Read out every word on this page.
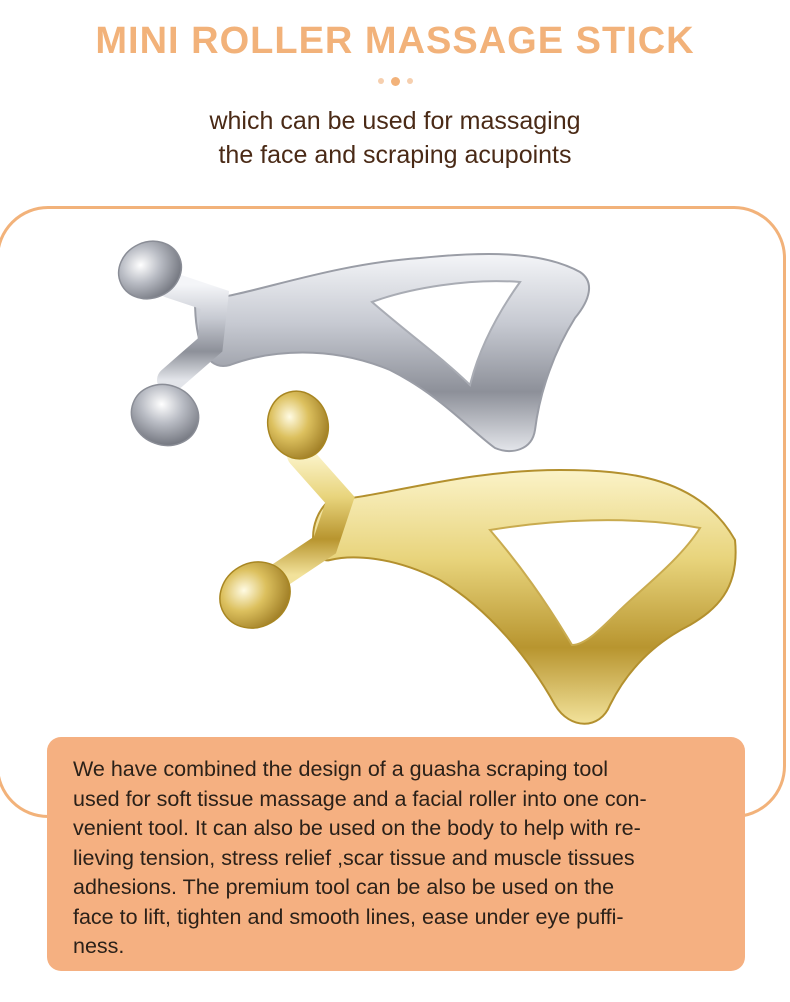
MINI ROLLER MASSAGE STICK

which can be used for massaging
the face and scraping acupoints

We have combined the design of a guasha scraping tool
used for soft tissue massage and a facial roller into one con-
venient tool. It can also be used on the body to help with re-
lieving tension, stress relief ,scar tissue and muscle tissues
adhesions. The premium tool can be also be used on the
face to lift, tighten and smooth lines, ease under eye puffi-
ness.
